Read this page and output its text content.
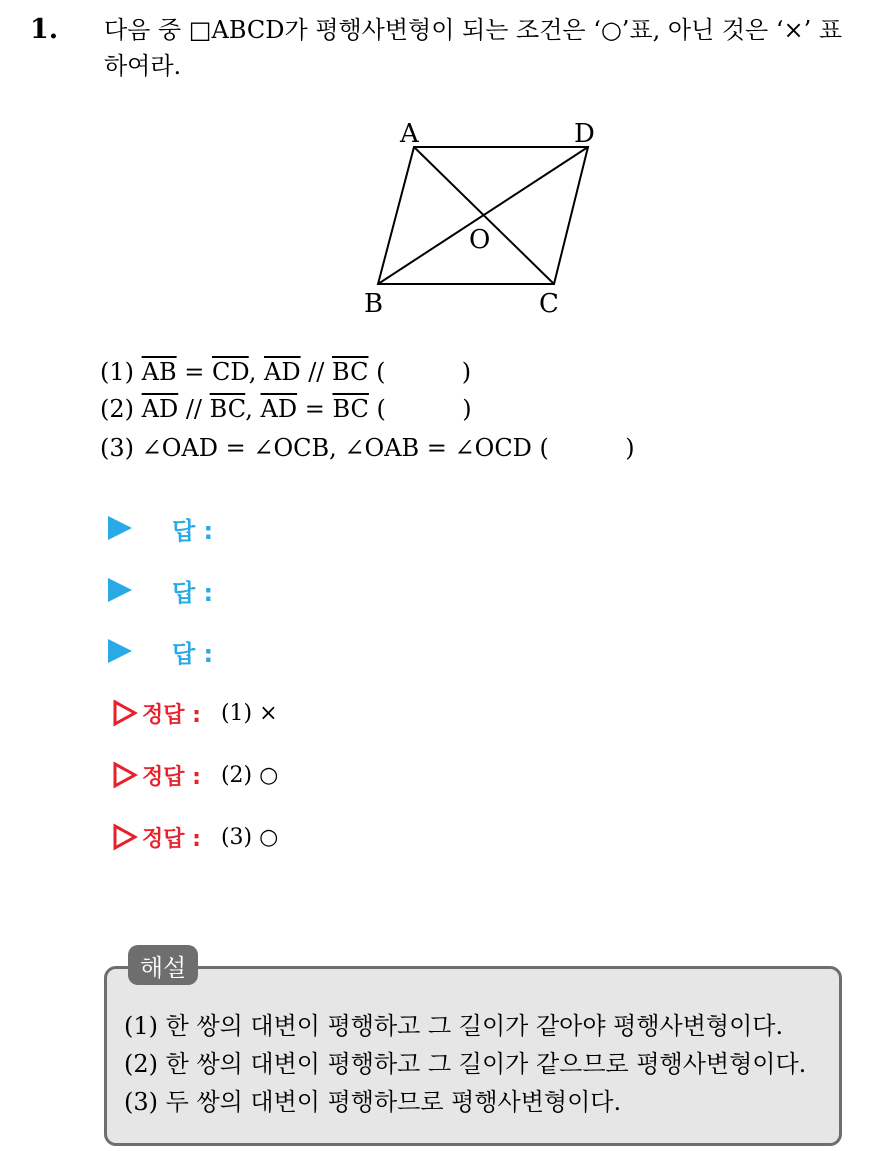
1. 다음 중 □ABCD가 평행사변형이 되는 조건은 ‘○’표, 아닌 것은 ‘×’ 표 하여라.
A	D
B	C
O
(1) $\overline{AB} = \overline{CD}$, $\overline{AD} // \overline{BC}$ (          )
(2) $\overline{AD} // \overline{BC}$, $\overline{AD} = \overline{BC}$ (          )
(3) ∠OAD = ∠OCB, ∠OAB = ∠OCD (          )
답 :
답 :
답 :
정답 : (1) ×
정답 : (2) ○
정답 : (3) ○
해설
(1) 한 쌍의 대변이 평행하고 그 길이가 같아야 평행사변형이다.
(2) 한 쌍의 대변이 평행하고 그 길이가 같으므로 평행사변형이다.
(3) 두 쌍의 대변이 평행하므로 평행사변형이다.
